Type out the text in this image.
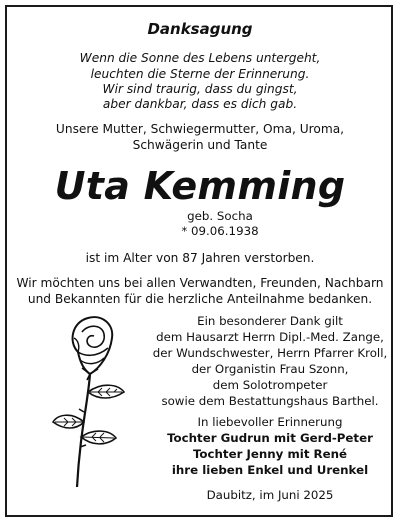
Danksagung
Wenn die Sonne des Lebens untergeht,
leuchten die Sterne der Erinnerung.
Wir sind traurig, dass du gingst,
aber dankbar, dass es dich gab.
Unsere Mutter, Schwiegermutter, Oma, Uroma,
Schwägerin und Tante
Uta Kemming
geb. Socha
* 09.06.1938
ist im Alter von 87 Jahren verstorben.
Wir möchten uns bei allen Verwandten, Freunden, Nachbarn
und Bekannten für die herzliche Anteilnahme bedanken.
Ein besonderer Dank gilt
dem Hausarzt Herrn Dipl.-Med. Zange,
der Wundschwester, Herrn Pfarrer Kroll,
der Organistin Frau Szonn,
dem Solotrompeter
sowie dem Bestattungshaus Barthel.
In liebevoller Erinnerung
Tochter Gudrun mit Gerd-Peter
Tochter Jenny mit René
ihre lieben Enkel und Urenkel
Daubitz, im Juni 2025
